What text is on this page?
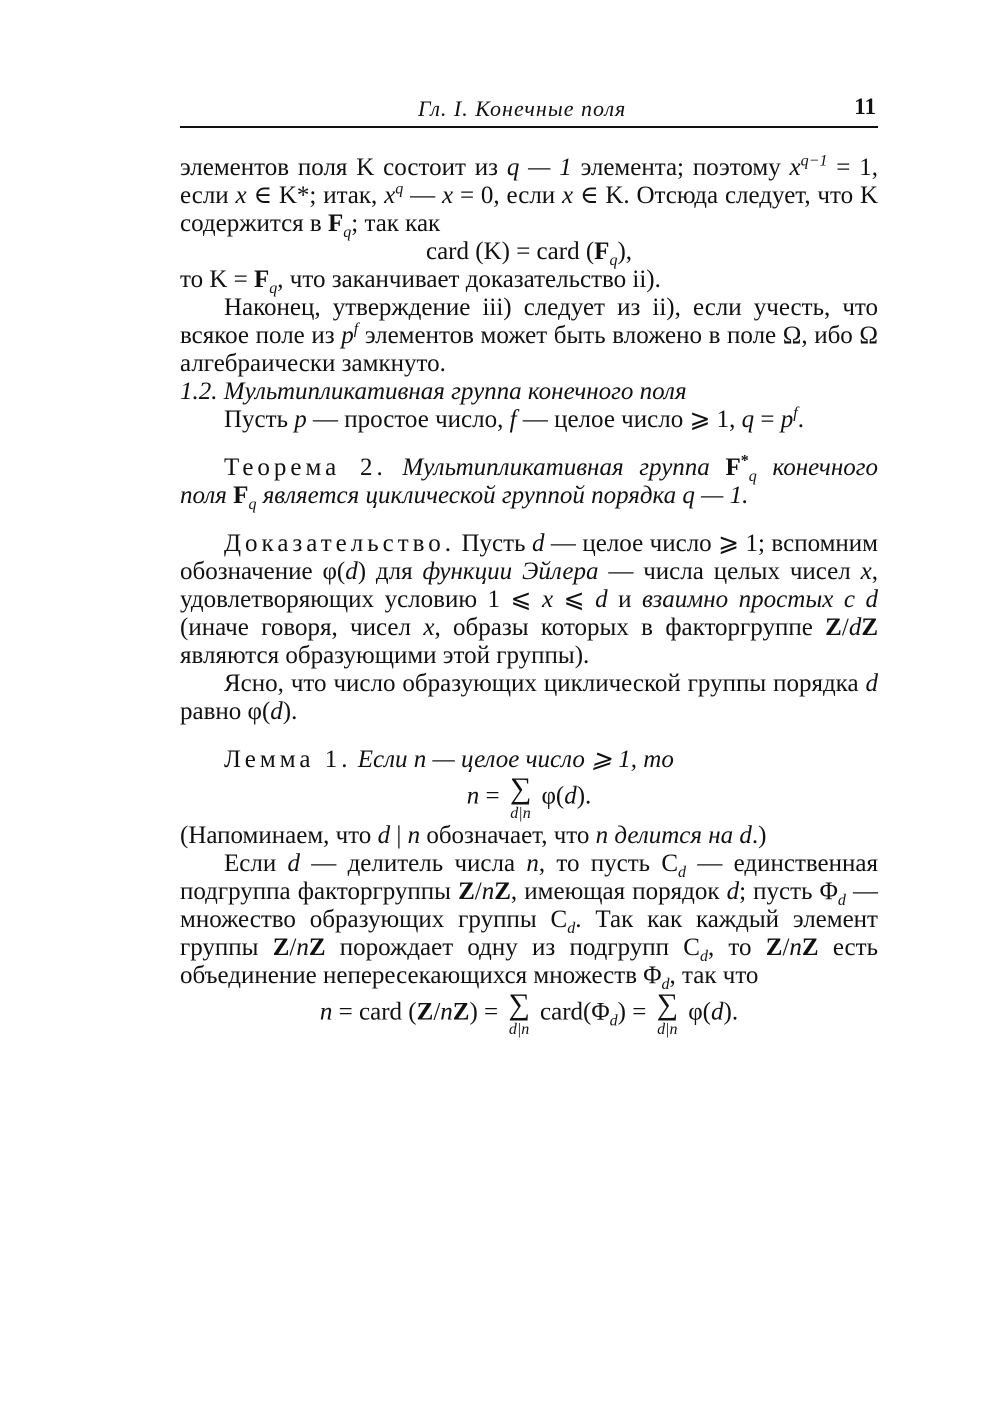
Гл. I. Конечные поля	11

элементов поля K состоит из q — 1 элемента; поэтому $x^{q-1} = 1$, если x ∈ K*; итак, $x^q$ — x = 0, если x ∈ K. Отсюда следует, что K содержится в $F_q$; так как

card (K) = card $(F_q)$,

то $K = F_q$, что заканчивает доказательство ii).

Наконец, утверждение iii) следует из ii), если учесть, что всякое поле из $p^f$ элементов может быть вложено в поле Ω, ибо Ω алгебраически замкнуто.

1.2. Мультипликативная группа конечного поля

Пусть p — простое число, f — целое число ⩾ 1, $q = p^f$.

Теорема 2. Мультипликативная группа $F^*_q$ конечного поля $F_q$ является циклической группой порядка q — 1.

Доказательство. Пусть d — целое число ⩾ 1; вспомним обозначение φ(d) для функции Эйлера — числа целых чисел x, удовлетворяющих условию 1 ⩽ x ⩽ d и взаимно простых с d (иначе говоря, чисел x, образы которых в факторгруппе Z/dZ являются образующими этой группы).

Ясно, что число образующих циклической группы порядка d равно φ(d).

Лемма 1. Если n — целое число ⩾ 1, то

n = ∑
d|n
φ(d).

(Напоминаем, что d | n обозначает, что n делится на d.)

Если d — делитель числа n, то пусть $C_d$ — единственная подгруппа факторгруппы Z/nZ, имеющая порядок d; пусть $\Phi_d$ — множество образующих группы $C_d$. Так как каждый элемент группы Z/nZ порождает одну из подгрупп $C_d$, то Z/nZ есть объединение непересекающихся множеств $\Phi_d$, так что

n = card (Z/nZ) = ∑
d|n
$card(\Phi_d)$ = ∑
d|n
φ(d).
